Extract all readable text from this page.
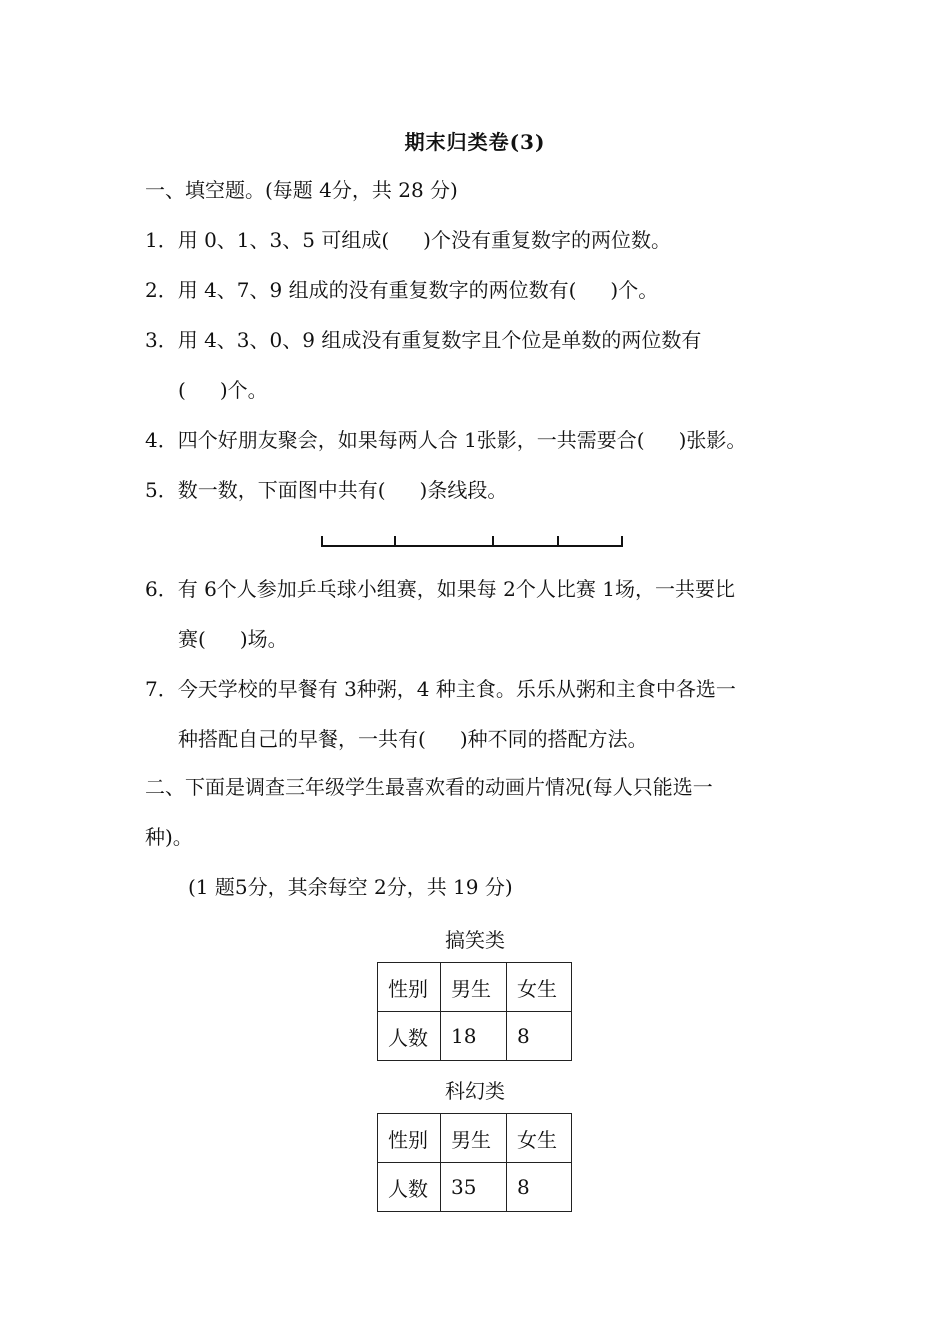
期末归类卷(3)
一、填空题。(每题 4分，共 28 分)
1．用 0、1、3、5 可组成( )个没有重复数字的两位数。
2．用 4、7、9 组成的没有重复数字的两位数有( )个。
3．用 4、3、0、9 组成没有重复数字且个位是单数的两位数有
( )个。
4．四个好朋友聚会，如果每两人合 1张影，一共需要合( )张影。
5．数一数，下面图中共有( )条线段。
6．有 6个人参加乒乓球小组赛，如果每 2个人比赛 1场，一共要比
赛( )场。
7．今天学校的早餐有 3种粥，4 种主食。乐乐从粥和主食中各选一
种搭配自己的早餐，一共有( )种不同的搭配方法。
二、下面是调查三年级学生最喜欢看的动画片情况(每人只能选一
种)。
(1 题5分，其余每空 2分，共 19 分)
搞笑类
性别	男生	女生
人数	18	8
科幻类
性别	男生	女生
人数	35	8
